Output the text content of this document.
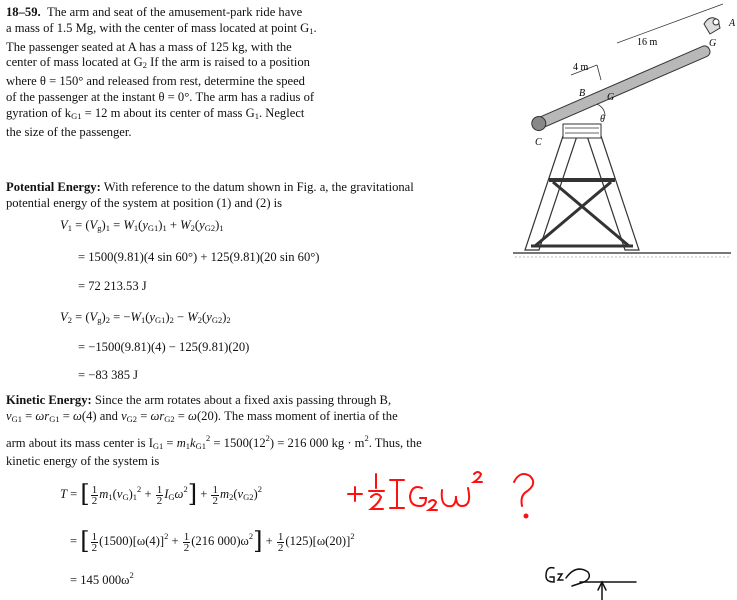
18–59. The arm and seat of the amusement-park ride have
a mass of 1.5 Mg, with the center of mass located at point $G_1$.
The passenger seated at A has a mass of 125 kg, with the
center of mass located at $G_2$ If the arm is raised to a position
where θ = 150° and released from rest, determine the speed
of the passenger at the instant θ = 0°. The arm has a radius of
gyration of $k_{G1} = 12$ m about its center of mass $G_1$. Neglect
the size of the passenger.
16 m
4 m
A
G
B G
θ
C
Potential Energy: With reference to the datum shown in Fig. a, the gravitational
potential energy of the system at position (1) and (2) is
$V_1 = (V_g)_1 = W_1(y_{G1})_1 + W_2(y_{G2})_1$
= 1500(9.81)(4 sin 60°) + 125(9.81)(20 sin 60°)
= 72 213.53 J
$V_2 = (V_g)_2 = -W_1(y_{G1})_2 - W_2(y_{G2})_2$
= −1500(9.81)(4) − 125(9.81)(20)
= −83 385 J
Kinetic Energy: Since the arm rotates about a fixed axis passing through B,
$v_{G1} = \omega r_{G1} = \omega(4)$ and $v_{G2} = \omega r_{G2} = \omega(20)$. The mass moment of inertia of the
arm about its mass center is $I_{G1} = m_1k_{G1}^2 = 1500(12^2) = 216$ 000 kg · $m^2$. Thus, the
kinetic energy of the system is
T = [ $\frac{1}{2} m_1(v_G)_1^2 + \frac{1}{2} I_G\omega^2] + \frac{1}{2} m_2(v_{G2})^2$
= [ $\frac{1}{2} (1500)[\omega(4)]^2 + \frac{1}{2} (216$ $000)\omega^2] + \frac{1}{2} (125)[\omega(20)]^2$
= 145 $000\omega^2$
